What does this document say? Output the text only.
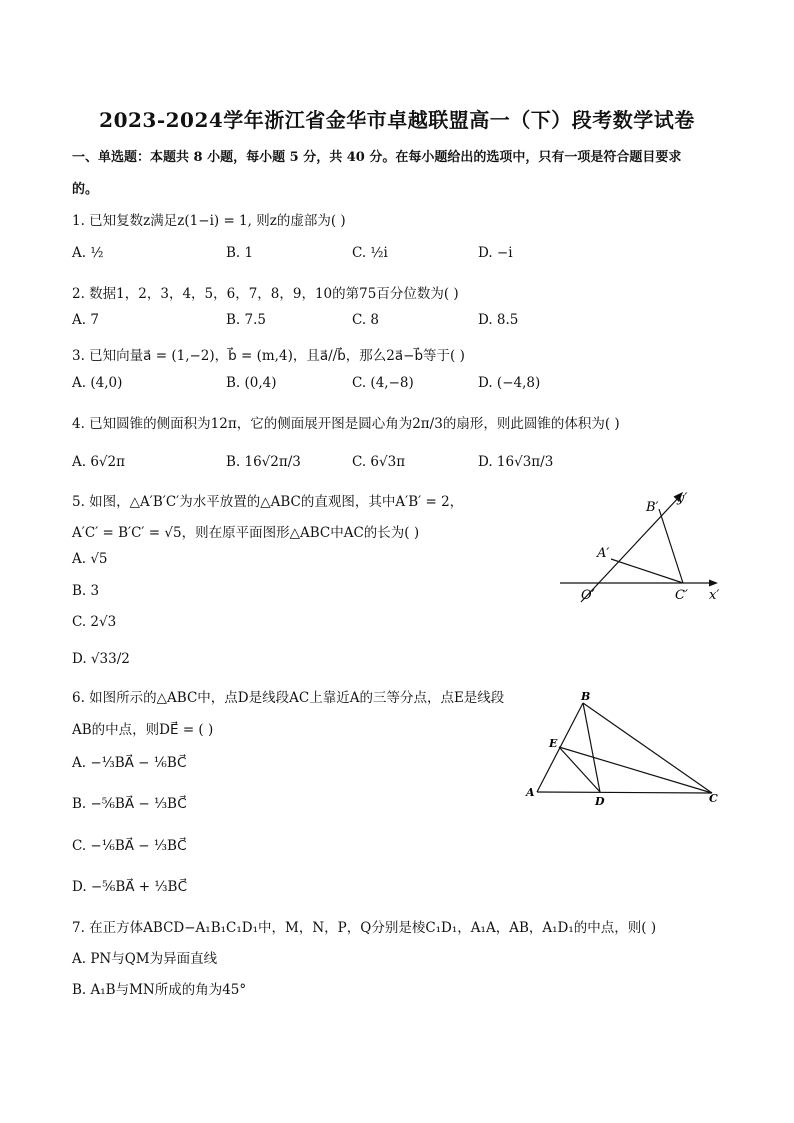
2023-2024学年浙江省金华市卓越联盟高一（下）段考数学试卷
一、单选题：本题共 8 小题，每小题 5 分，共 40 分。在每小题给出的选项中，只有一项是符合题目要求
的。
1. 已知复数z满足z(1−i) = 1, 则z的虚部为( )
A. ½	B. 1	C. ½i	D. −i
2. 数据1，2，3，4，5，6，7，8，9，10的第75百分位数为( )
A. 7	B. 7.5	C. 8	D. 8.5
3. 已知向量a⃗ = (1,−2)，b⃗ = (m,4)，且a⃗//b⃗，那么2a⃗−b⃗等于( )
A. (4,0)	B. (0,4)	C. (4,−8)	D. (−4,8)
4. 已知圆锥的侧面积为12π，它的侧面展开图是圆心角为2π/3的扇形，则此圆锥的体积为( )
A. 6√2π	B. 16√2π/3	C. 6√3π	D. 16√3π/3
5. 如图，△A′B′C′为水平放置的△ABC的直观图，其中A′B′ = 2，
A′C′ = B′C′ = √5，则在原平面图形△ABC中AC的长为( )
A. √5
B. 3
C. 2√3
D. √33/2
B′
y′
A′
O′	C′ x′
6. 如图所示的△ABC中，点D是线段AC上靠近A的三等分点，点E是线段
AB的中点，则DE⃗ = ( )
A. −⅓BA⃗ − ⅙BC⃗
B. −⅚BA⃗ − ⅓BC⃗
C. −⅙BA⃗ − ⅓BC⃗
D. −⅚BA⃗ + ⅓BC⃗
B
E
A
D	C
7. 在正方体ABCD−A₁B₁C₁D₁中，M，N，P，Q分别是棱C₁D₁，A₁A，AB，A₁D₁的中点，则( )
A. PN与QM为异面直线
B. A₁B与MN所成的角为45°
